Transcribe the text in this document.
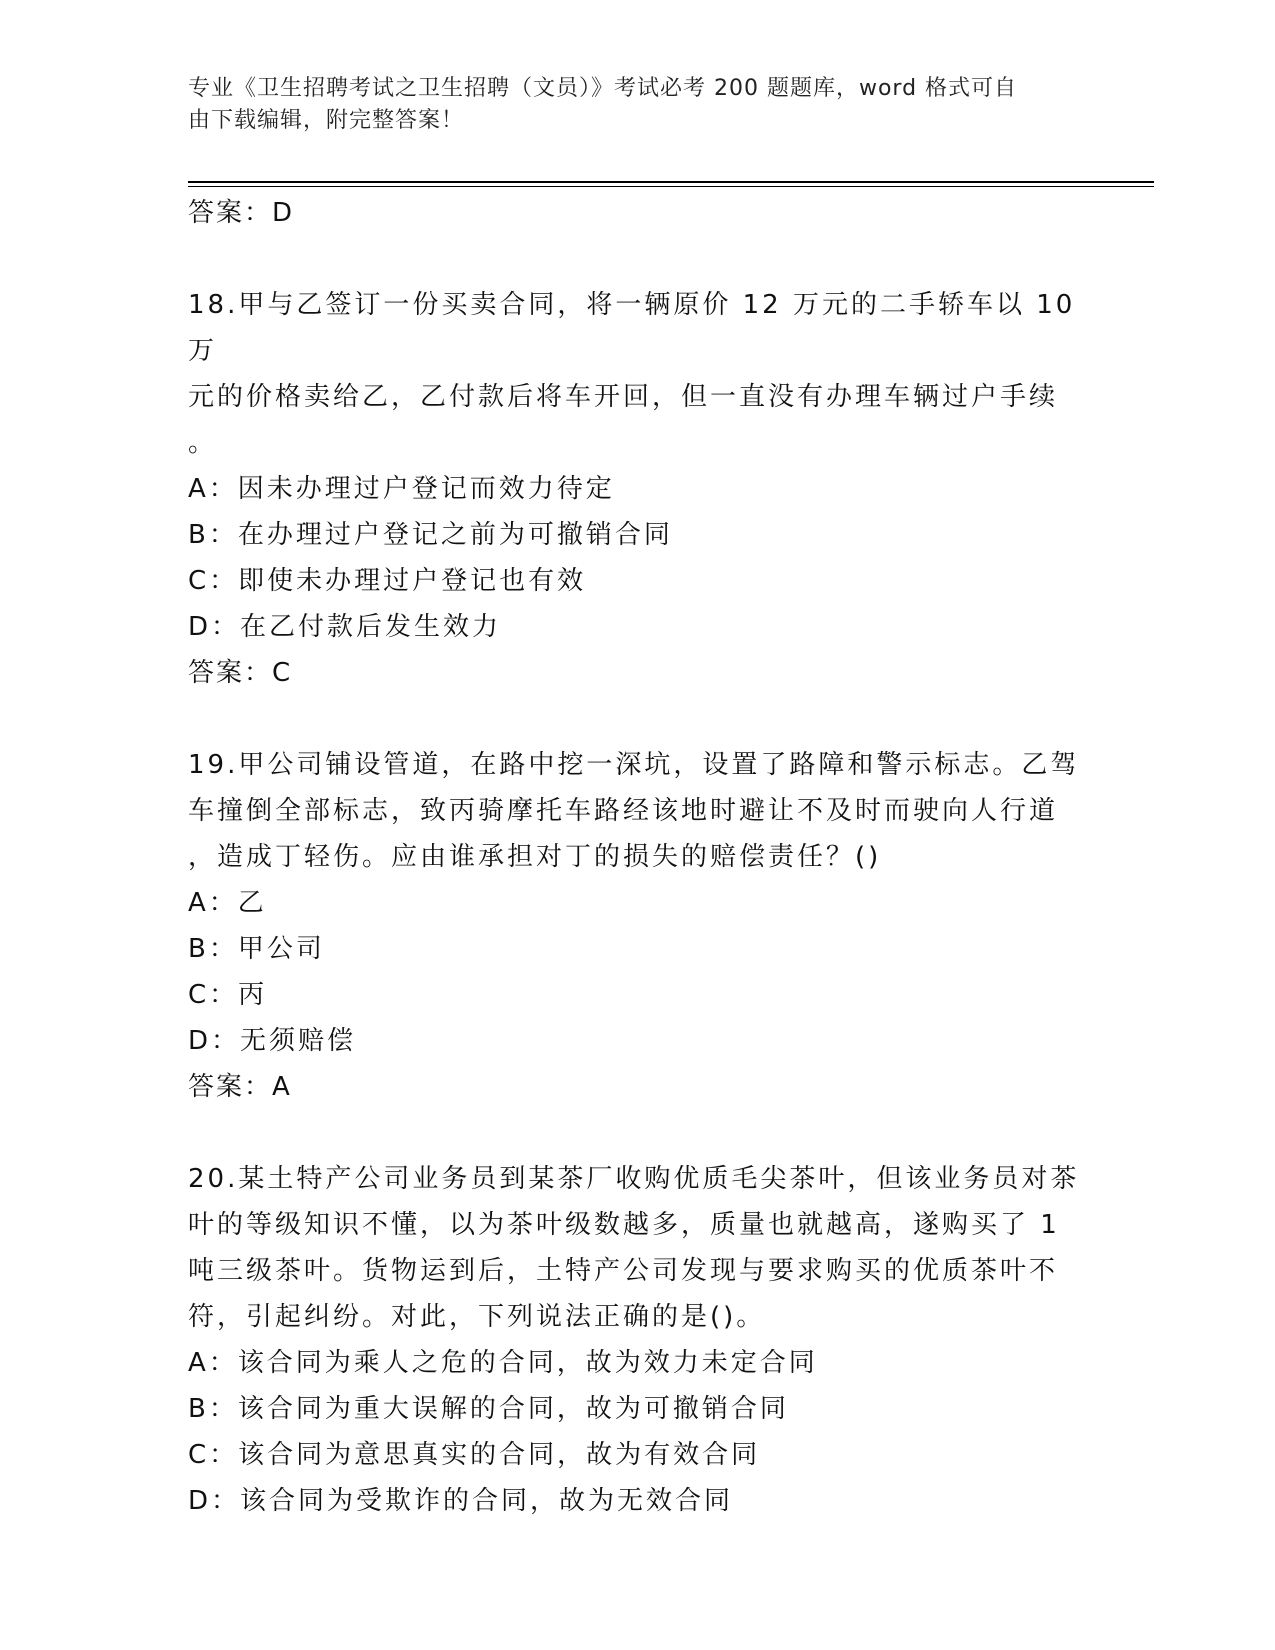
专业《卫生招聘考试之卫生招聘（文员）》考试必考 200 题题库，word 格式可自
由下载编辑，附完整答案！

答案：D

18.甲与乙签订一份买卖合同，将一辆原价 12 万元的二手轿车以 10 万

元的价格卖给乙，乙付款后将车开回，但一直没有办理车辆过户手续

。

A：因未办理过户登记而效力待定

B：在办理过户登记之前为可撤销合同

C：即使未办理过户登记也有效

D：在乙付款后发生效力

答案：C

19.甲公司铺设管道，在路中挖一深坑，设置了路障和警示标志。乙驾

车撞倒全部标志，致丙骑摩托车路经该地时避让不及时而驶向人行道

，造成丁轻伤。应由谁承担对丁的损失的赔偿责任？()

A：乙

B：甲公司

C：丙

D：无须赔偿

答案：A

20.某土特产公司业务员到某茶厂收购优质毛尖茶叶，但该业务员对茶

叶的等级知识不懂，以为茶叶级数越多，质量也就越高，遂购买了 1

吨三级茶叶。货物运到后，土特产公司发现与要求购买的优质茶叶不

符，引起纠纷。对此，下列说法正确的是()。

A：该合同为乘人之危的合同，故为效力未定合同

B：该合同为重大误解的合同，故为可撤销合同

C：该合同为意思真实的合同，故为有效合同

D：该合同为受欺诈的合同，故为无效合同
